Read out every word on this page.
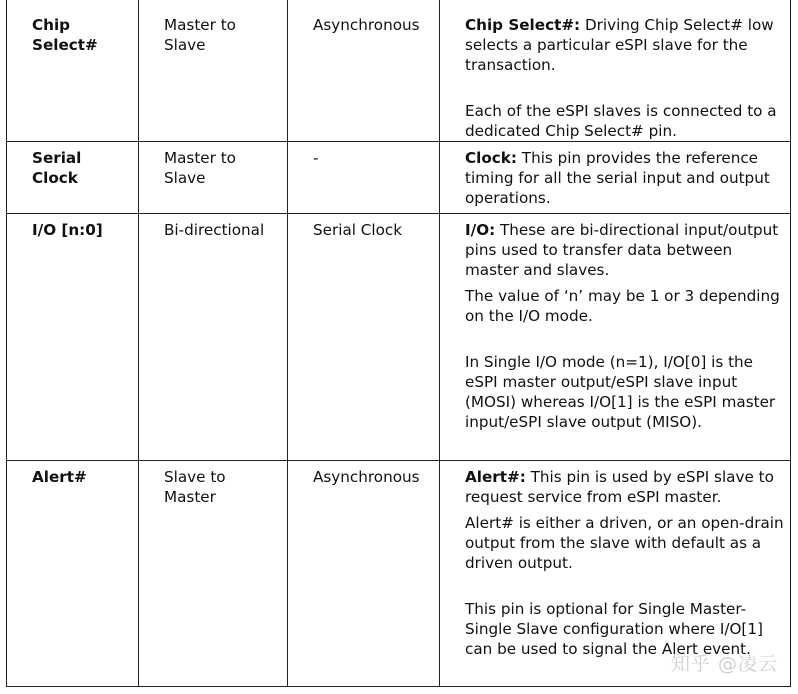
Chip Select#	Master to Slave	Asynchronous	Chip Select#: Driving Chip Select# low selects a particular eSPI slave for the transaction.

Each of the eSPI slaves is connected to a dedicated Chip Select# pin.

Serial Clock	Master to Slave	-	Clock: This pin provides the reference timing for all the serial input and output operations.

I/O [n:0]	Bi-directional	Serial Clock	I/O: These are bi-directional input/output pins used to transfer data between master and slaves.

The value of ‘n’ may be 1 or 3 depending on the I/O mode.

In Single I/O mode (n=1), I/O[0] is the eSPI master output/eSPI slave input (MOSI) whereas I/O[1] is the eSPI master input/eSPI slave output (MISO).

Alert#	Slave to Master	Asynchronous	Alert#: This pin is used by eSPI slave to request service from eSPI master.

Alert# is either a driven, or an open-drain output from the slave with default as a driven output.

This pin is optional for Single Master-Single Slave configuration where I/O[1] can be used to signal the Alert event.

知乎 @凌云
